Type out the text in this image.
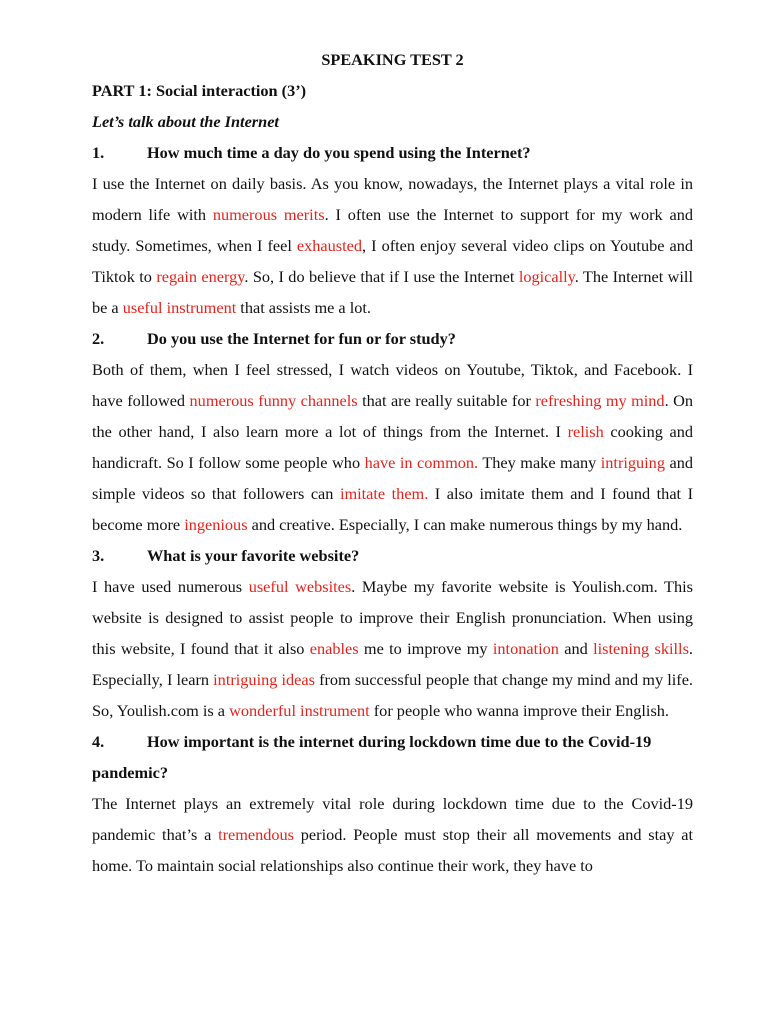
SPEAKING TEST 2

PART 1: Social interaction (3’)

Let’s talk about the Internet

1.	How much time a day do you spend using the Internet?

I use the Internet on daily basis. As you know, nowadays, the Internet plays a vital role in modern life with numerous merits. I often use the Internet to support for my work and study. Sometimes, when I feel exhausted, I often enjoy several video clips on Youtube and Tiktok to regain energy. So, I do believe that if I use the Internet logically. The Internet will be a useful instrument that assists me a lot.

2.	Do you use the Internet for fun or for study?

Both of them, when I feel stressed, I watch videos on Youtube, Tiktok, and Facebook. I have followed numerous funny channels that are really suitable for refreshing my mind. On the other hand, I also learn more a lot of things from the Internet. I relish cooking and handicraft. So I follow some people who have in common. They make many intriguing and simple videos so that followers can imitate them. I also imitate them and I found that I become more ingenious and creative. Especially, I can make numerous things by my hand.

3.	What is your favorite website?

I have used numerous useful websites. Maybe my favorite website is Youlish.com. This website is designed to assist people to improve their English pronunciation. When using this website, I found that it also enables me to improve my intonation and listening skills. Especially, I learn intriguing ideas from successful people that change my mind and my life. So, Youlish.com is a wonderful instrument for people who wanna improve their English.

4.	How important is the internet during lockdown time due to the Covid-19 pandemic?

The Internet plays an extremely vital role during lockdown time due to the Covid-19 pandemic that’s a tremendous period. People must stop their all movements and stay at home. To maintain social relationships also continue their work, they have to
